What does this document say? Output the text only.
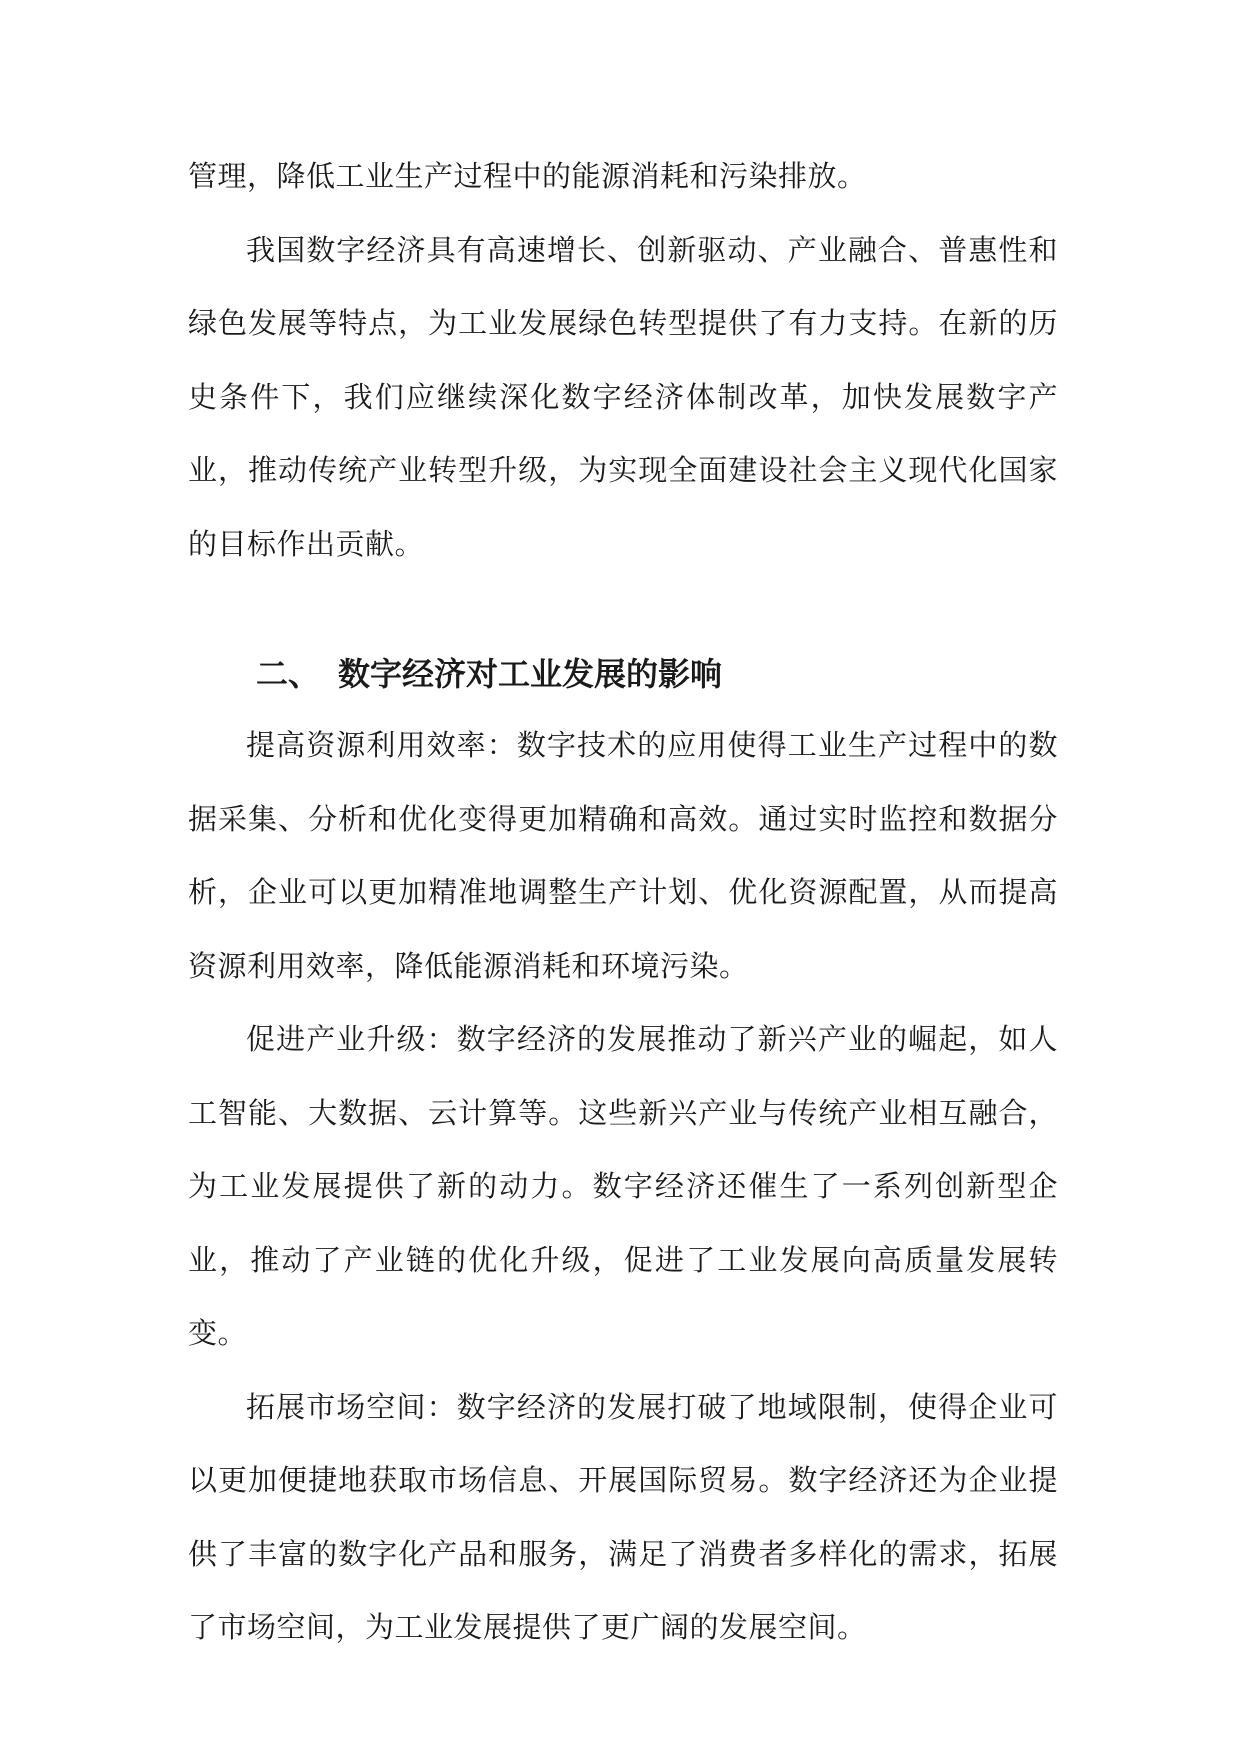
管理，降低工业生产过程中的能源消耗和污染排放。

我国数字经济具有高速增长、创新驱动、产业融合、普惠性和绿色发展等特点，为工业发展绿色转型提供了有力支持。在新的历史条件下，我们应继续深化数字经济体制改革，加快发展数字产业，推动传统产业转型升级，为实现全面建设社会主义现代化国家的目标作出贡献。

二、 数字经济对工业发展的影响

提高资源利用效率：数字技术的应用使得工业生产过程中的数据采集、分析和优化变得更加精确和高效。通过实时监控和数据分析，企业可以更加精准地调整生产计划、优化资源配置，从而提高资源利用效率，降低能源消耗和环境污染。

促进产业升级：数字经济的发展推动了新兴产业的崛起，如人工智能、大数据、云计算等。这些新兴产业与传统产业相互融合，为工业发展提供了新的动力。数字经济还催生了一系列创新型企业，推动了产业链的优化升级，促进了工业发展向高质量发展转变。

拓展市场空间：数字经济的发展打破了地域限制，使得企业可以更加便捷地获取市场信息、开展国际贸易。数字经济还为企业提供了丰富的数字化产品和服务，满足了消费者多样化的需求，拓展了市场空间，为工业发展提供了更广阔的发展空间。
